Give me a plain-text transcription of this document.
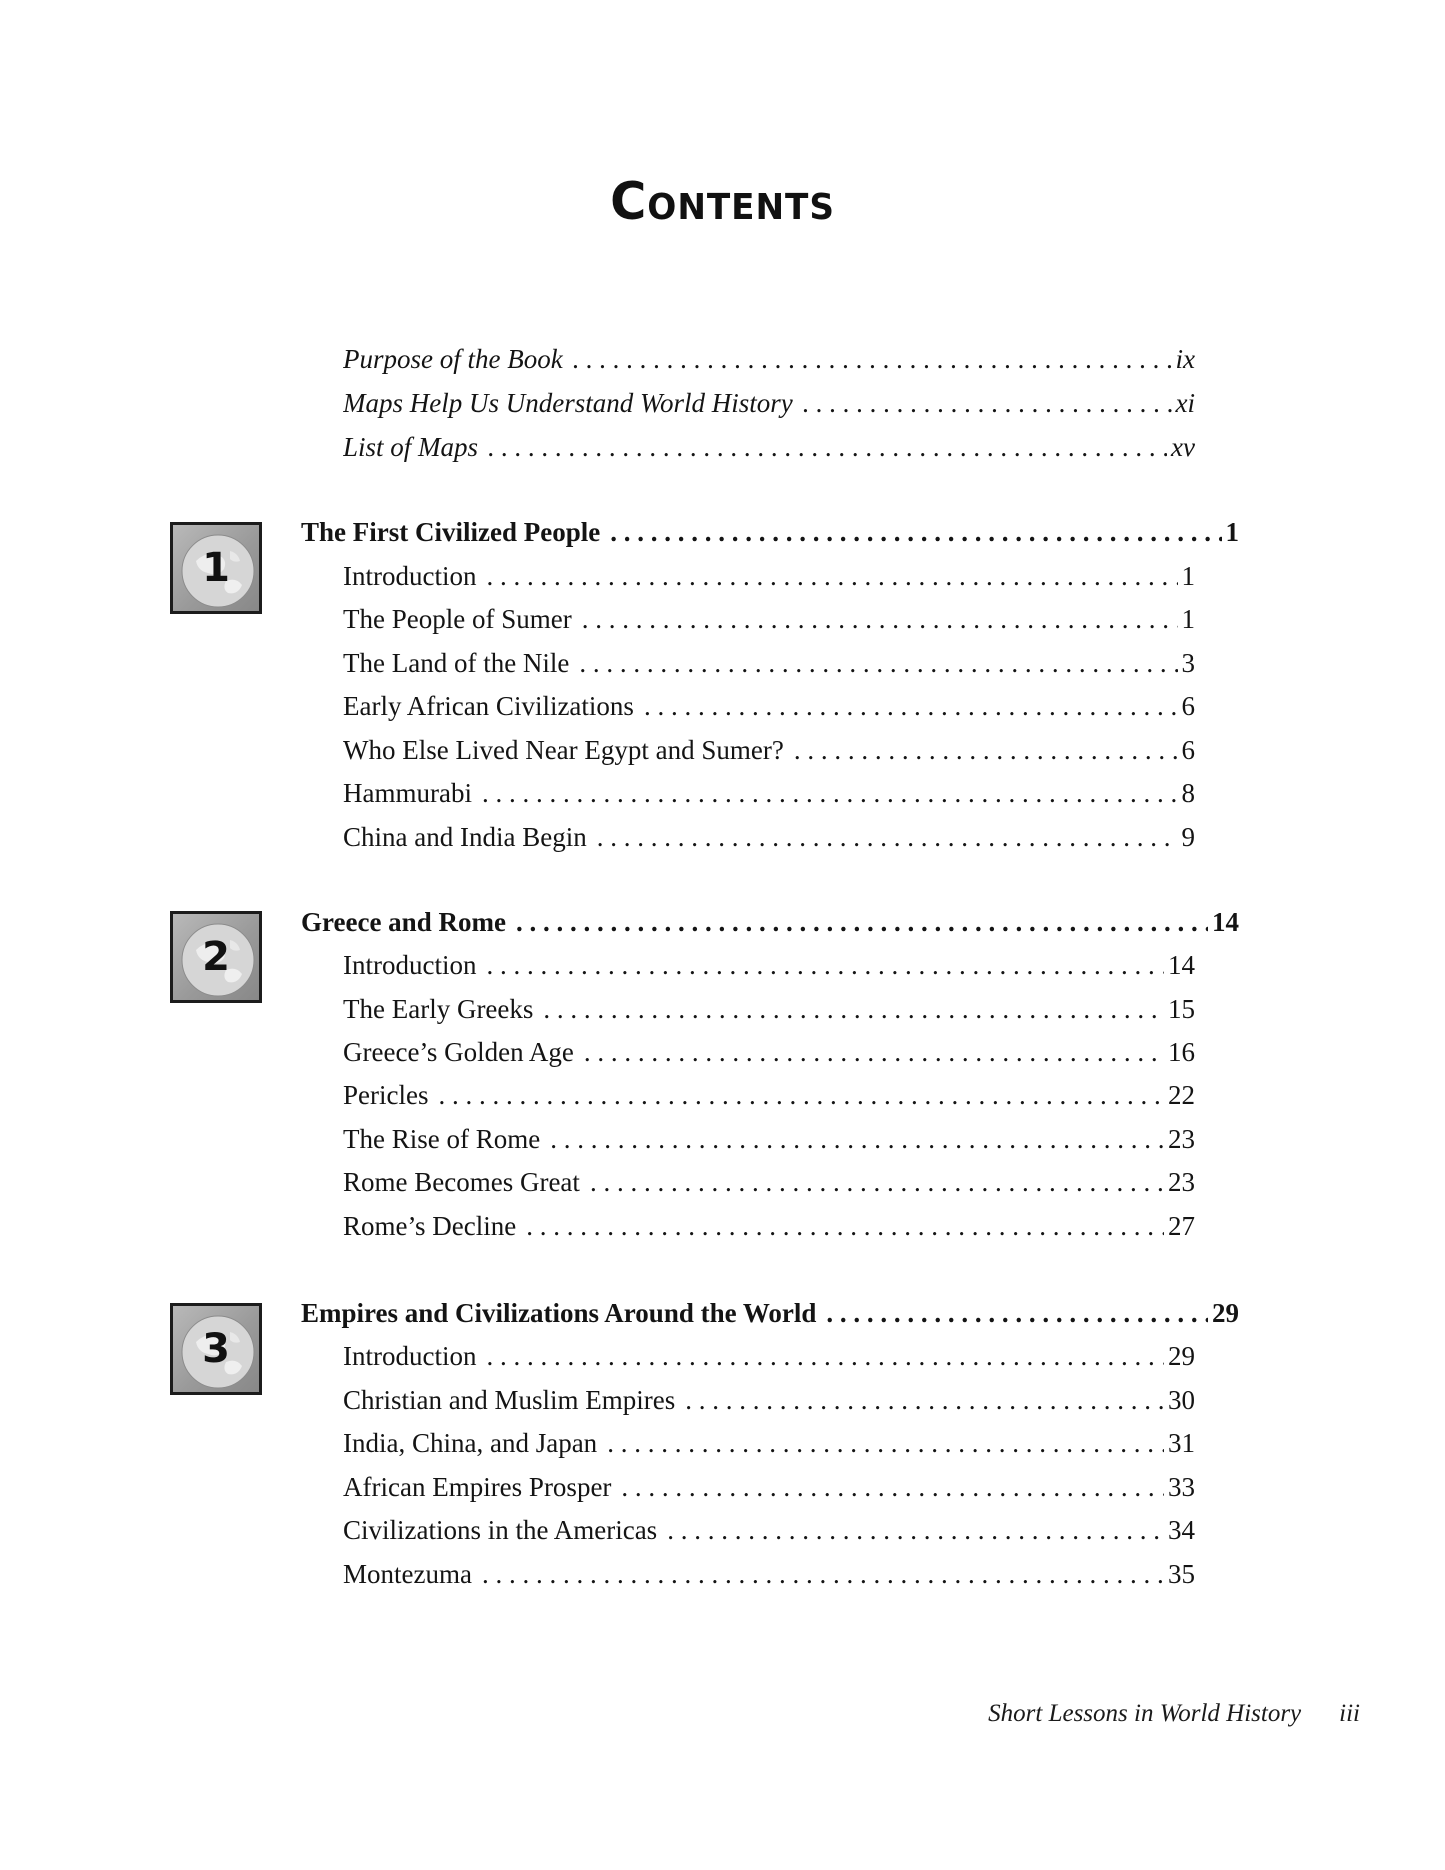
Contents
Purpose of the Book . . .	ix
Maps Help Us Understand World History . . .	xi
List of Maps . . .	xv
1
The First Civilized People . . .	1
Introduction . . .	1
The People of Sumer . . .	1
The Land of the Nile . . .	3
Early African Civilizations . . .	6
Who Else Lived Near Egypt and Sumer? . . .	6
Hammurabi . . .	8
China and India Begin . . .	9
2
Greece and Rome . . .	14
Introduction . . .	14
The Early Greeks . . .	15
Greece’s Golden Age . . .	16
Pericles . . .	22
The Rise of Rome . . .	23
Rome Becomes Great . . .	23
Rome’s Decline . . .	27
3
Empires and Civilizations Around the World . . .	29
Introduction . . .	29
Christian and Muslim Empires . . .	30
India, China, and Japan . . .	31
African Empires Prosper . . .	33
Civilizations in the Americas . . .	34
Montezuma . . .	35
Short Lessons in World History iii
